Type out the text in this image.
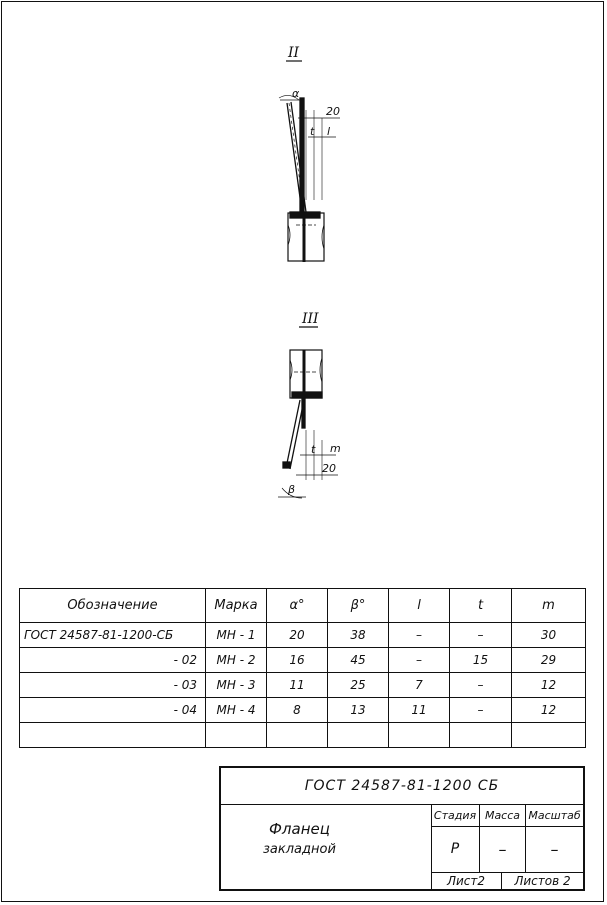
II
α
20
t l
III
t m
20
β
Обозначение	Марка	α°	β°	l	t	m
ГОСТ 24587-81-1200-СБ	МН - 1	20	38	–	–	30
- 02	МН - 2	16	45	–	15	29
- 03	МН - 3	11	25	7	–	12
- 04	МН - 4	8	13	11	–	12

ГОСТ 24587-81-1200 СБ
Фланец
закладной
Стадия Масса Масштаб
Р	–	–
Лист2	Листов 2
